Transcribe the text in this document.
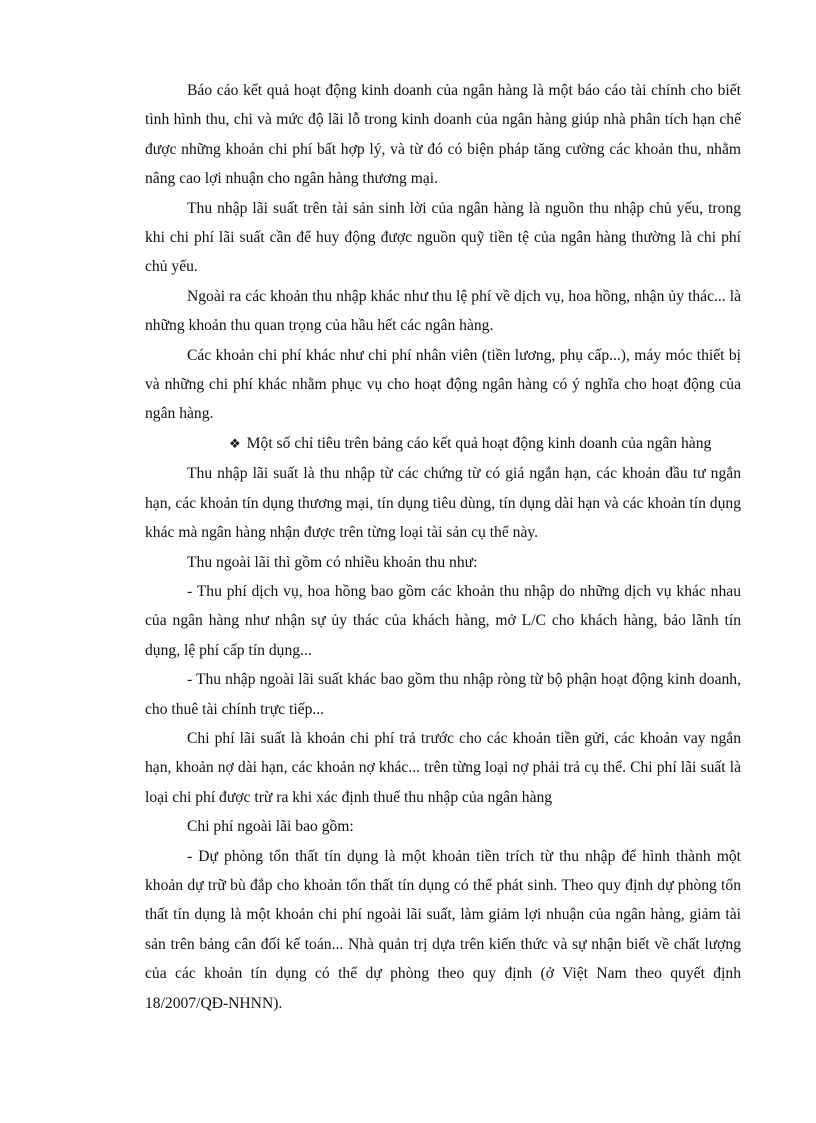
Báo cáo kết quả hoạt động kinh doanh của ngân hàng là một báo cáo tài chính cho biết tình hình thu, chi và mức độ lãi lỗ trong kinh doanh của ngân hàng giúp nhà phân tích hạn chế được những khoản chi phí bất hợp lý, và từ đó có biện pháp tăng cường các khoản thu, nhằm nâng cao lợi nhuận cho ngân hàng thương mại.

Thu nhập lãi suất trên tài sản sinh lời của ngân hàng là nguồn thu nhập chủ yếu, trong khi chi phí lãi suất cần để huy động được nguồn quỹ tiền tệ của ngân hàng thường là chi phí chủ yếu.

Ngoài ra các khoản thu nhập khác như thu lệ phí về dịch vụ, hoa hồng, nhận ủy thác... là những khoản thu quan trọng của hầu hết các ngân hàng.

Các khoản chi phí khác như chi phí nhân viên (tiền lương, phụ cấp...), máy móc thiết bị và những chi phí khác nhằm phục vụ cho hoạt động ngân hàng có ý nghĩa cho hoạt động của ngân hàng.

❖ Một số chỉ tiêu trên bảng cáo kết quả hoạt động kinh doanh của ngân hàng

Thu nhập lãi suất là thu nhập từ các chứng từ có giá ngắn hạn, các khoản đầu tư ngắn hạn, các khoản tín dụng thương mại, tín dụng tiêu dùng, tín dụng dài hạn và các khoản tín dụng khác mà ngân hàng nhận được trên từng loại tài sản cụ thể này.

Thu ngoài lãi thì gồm có nhiều khoản thu như:

- Thu phí dịch vụ, hoa hồng bao gồm các khoản thu nhập do những dịch vụ khác nhau của ngân hàng như nhận sự ủy thác của khách hàng, mở L/C cho khách hàng, bảo lãnh tín dụng, lệ phí cấp tín dụng...

- Thu nhập ngoài lãi suất khác bao gồm thu nhập ròng từ bộ phận hoạt động kinh doanh, cho thuê tài chính trực tiếp...

Chi phí lãi suất là khoản chi phí trả trước cho các khoản tiền gửi, các khoản vay ngắn hạn, khoản nợ dài hạn, các khoản nợ khác... trên từng loại nợ phải trả cụ thể. Chi phí lãi suất là loại chi phí được trừ ra khi xác định thuế thu nhập của ngân hàng

Chi phí ngoài lãi bao gồm:

- Dự phòng tổn thất tín dụng là một khoản tiền trích từ thu nhập để hình thành một khoản dự trữ bù đắp cho khoản tổn thất tín dụng có thể phát sinh. Theo quy định dự phòng tổn thất tín dụng là một khoản chi phí ngoài lãi suất, làm giảm lợi nhuận của ngân hàng, giảm tài sản trên bảng cân đối kế toán... Nhà quản trị dựa trên kiến thức và sự nhận biết về chất lượng của các khoản tín dụng có thể dự phòng theo quy định (ở Việt Nam theo quyết định 18/2007/QĐ-NHNN).
